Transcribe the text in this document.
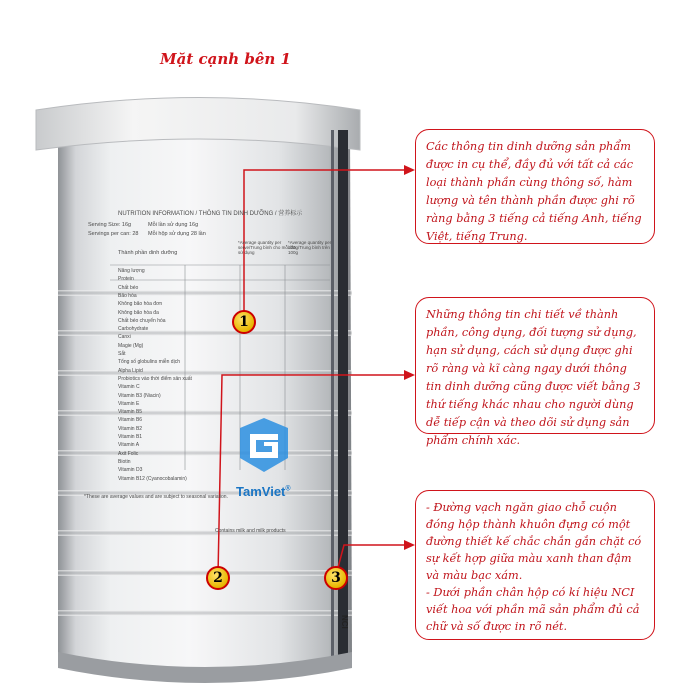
NUTRITION INFORMATION / THÔNG TIN DINH DƯỠNG / 营养标示
Serving Size: 16g
Servings per can: 28
Mỗi lần sử dụng 16g
Mỗi hộp sử dụng 28 lần
Thành phần dinh dưỡng
*Average quantity per serve/Trung bình cho mỗi lần sử dụng
*Average quantity per 100g/Trung bình trên 100g
Năng lượng
Protein
Chất béo
Bão hòa
Không bão hòa đơn
Không bão hòa đa
Chất béo chuyển hóa
Carbohydrate
Canxi
Magie (Mg)
Sắt
Tổng số globulins miễn dịch
Alpha Lipid
Probiotics vào thời điểm sản xuất
Vitamin C
Vitamin B3 (Niacin)
Vitamin E
Vitamin B5
Vitamin B6
Vitamin B2
Vitamin B1
Vitamin A
Axit Folic
Biotin
Vitamin D3
Vitamin B12 (Cyanocobalamin)
*These are average values and are subject to seasonal variation.
Contains milk and milk products
NCI
TamViet®
Mặt cạnh bên 1
1
2	3

Các thông tin dinh dưỡng sản phẩm được in cụ thể, đầy đủ với tất cả các loại thành phần cùng thông số, hàm lượng và tên thành phần được ghi rõ ràng bằng 3 tiếng cả tiếng Anh, tiếng Việt, tiếng Trung.

Những thông tin chi tiết về thành phần, công dụng, đối tượng sử dụng, hạn sử dụng, cách sử dụng được ghi rõ ràng và kĩ càng ngay dưới thông tin dinh dưỡng cũng được viết bằng 3 thứ tiếng khác nhau cho người dùng dễ tiếp cận và theo dõi sử dụng sản phẩm chính xác.

- Đường vạch ngăn giao chỗ cuộn đóng hộp thành khuôn đựng có một đường thiết kế chắc chắn gắn chặt có sự kết hợp giữa màu xanh than đậm và màu bạc xám.

- Dưới phần chân hộp có kí hiệu NCI viết hoa với phần mã sản phẩm đủ cả chữ và số được in rõ nét.
